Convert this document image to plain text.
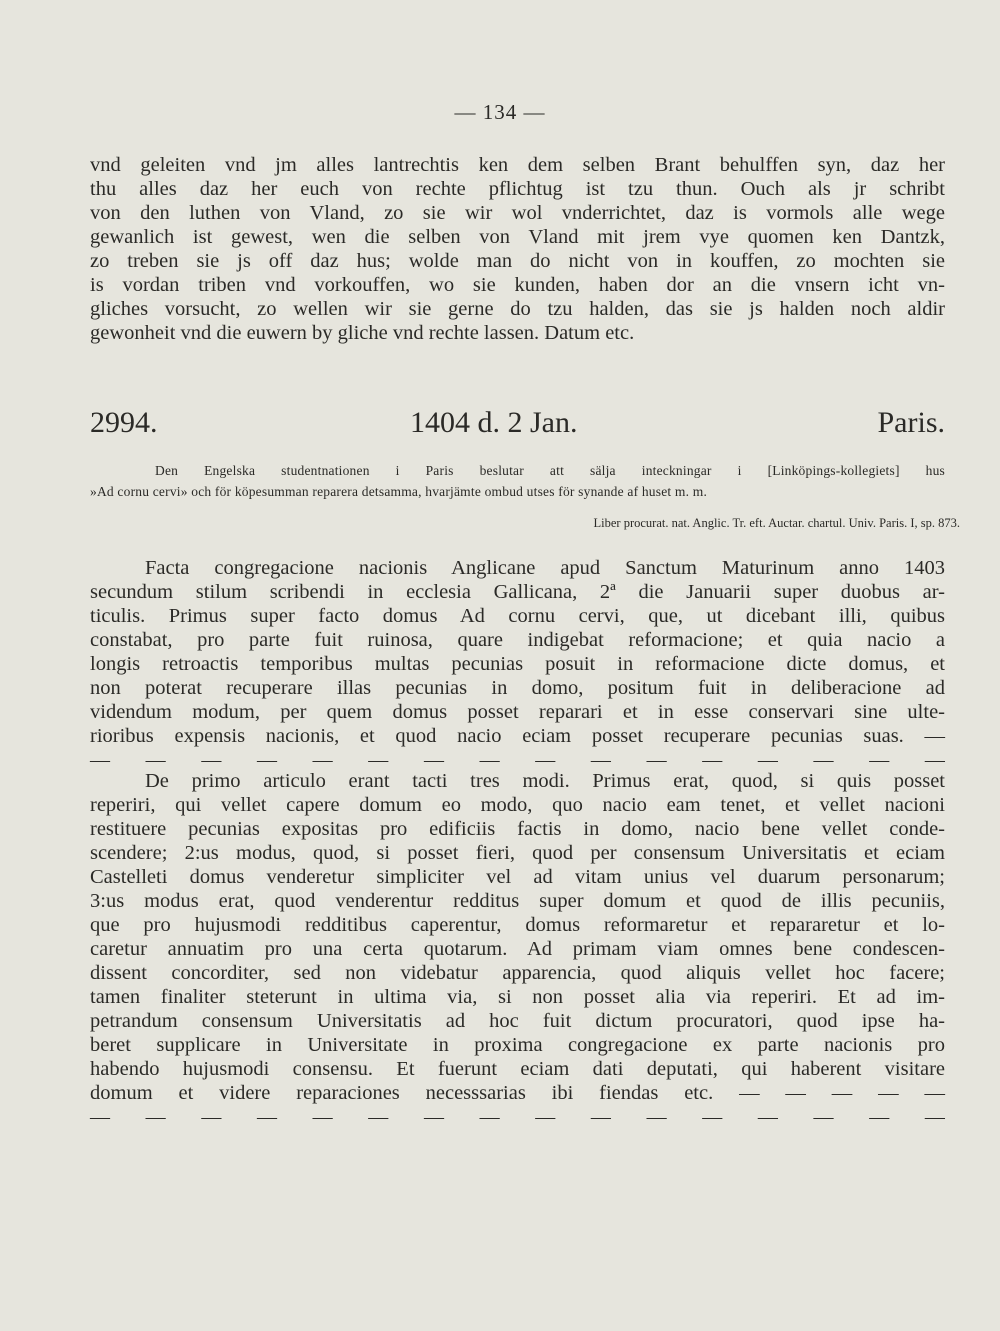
— 134 —
vnd geleiten vnd jm alles lantrechtis ken dem selben Brant behulffen syn, daz her
thu alles daz her euch von rechte pflichtug ist tzu thun. Ouch als jr schribt
von den luthen von Vland, zo sie wir wol vnderrichtet, daz is vormols alle wege
gewanlich ist gewest, wen die selben von Vland mit jrem vye quomen ken Dantzk,
zo treben sie js off daz hus; wolde man do nicht von in kouffen, zo mochten sie
is vordan triben vnd vorkouffen, wo sie kunden, haben dor an die vnsern icht vn-
gliches vorsucht, zo wellen wir sie gerne do tzu halden, das sie js halden noch aldir
gewonheit vnd die euwern by gliche vnd rechte lassen. Datum etc.
2994.	1404 d. 2 Jan.	Paris.
Den Engelska studentnationen i Paris beslutar att sälja inteckningar i [Linköpings-kollegiets] hus
»Ad cornu cervi» och för köpesumman reparera detsamma, hvarjämte ombud utses för synande af huset m. m.
Liber procurat. nat. Anglic. Tr. eft. Auctar. chartul. Univ. Paris. I, sp. 873.
Facta congregacione nacionis Anglicane apud Sanctum Maturinum anno 1403
secundum stilum scribendi in ecclesia Gallicana, 2ª die Januarii super duobus ar-
ticulis. Primus super facto domus Ad cornu cervi, que, ut dicebant illi, quibus
constabat, pro parte fuit ruinosa, quare indigebat reformacione; et quia nacio a
longis retroactis temporibus multas pecunias posuit in reformacione dicte domus, et
non poterat recuperare illas pecunias in domo, positum fuit in deliberacione ad
videndum modum, per quem domus posset reparari et in esse conservari sine ulte-
rioribus expensis nacionis, et quod nacio eciam posset recuperare pecunias suas. —
— — — — — — — — — — — — — — — —
De primo articulo erant tacti tres modi. Primus erat, quod, si quis posset
reperiri, qui vellet capere domum eo modo, quo nacio eam tenet, et vellet nacioni
restituere pecunias expositas pro edificiis factis in domo, nacio bene vellet conde-
scendere; 2:us modus, quod, si posset fieri, quod per consensum Universitatis et eciam
Castelleti domus venderetur simpliciter vel ad vitam unius vel duarum personarum;
3:us modus erat, quod venderentur redditus super domum et quod de illis pecuniis,
que pro hujusmodi redditibus caperentur, domus reformaretur et repararetur et lo-
caretur annuatim pro una certa quotarum. Ad primam viam omnes bene condescen-
dissent concorditer, sed non videbatur apparencia, quod aliquis vellet hoc facere;
tamen finaliter steterunt in ultima via, si non posset alia via reperiri. Et ad im-
petrandum consensum Universitatis ad hoc fuit dictum procuratori, quod ipse ha-
beret supplicare in Universitate in proxima congregacione ex parte nacionis pro
habendo hujusmodi consensu. Et fuerunt eciam dati deputati, qui haberent visitare
domum et videre reparaciones necesssarias ibi fiendas etc. — — — — —
— — — — — — — — — — — — — — — —
